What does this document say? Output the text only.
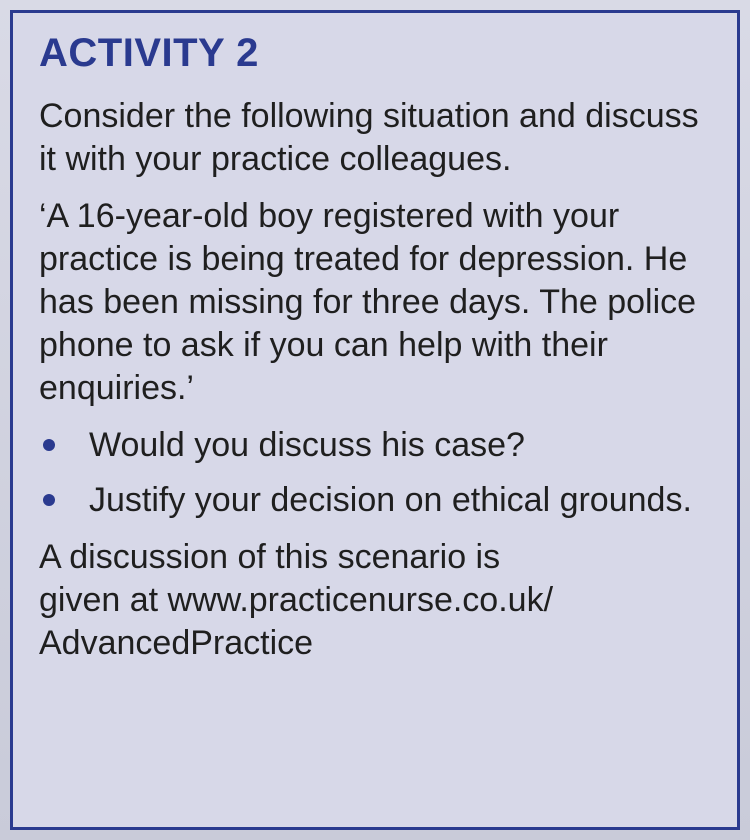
ACTIVITY 2

Consider the following situation and discuss it with your practice colleagues.

‘A 16-year-old boy registered with your practice is being treated for depression. He has been missing for three days. The police phone to ask if you can help with their enquiries.’

Would you discuss his case?
Justify your decision on ethical grounds.

A discussion of this scenario is
given at www.practicenurse.co.uk/
AdvancedPractice
